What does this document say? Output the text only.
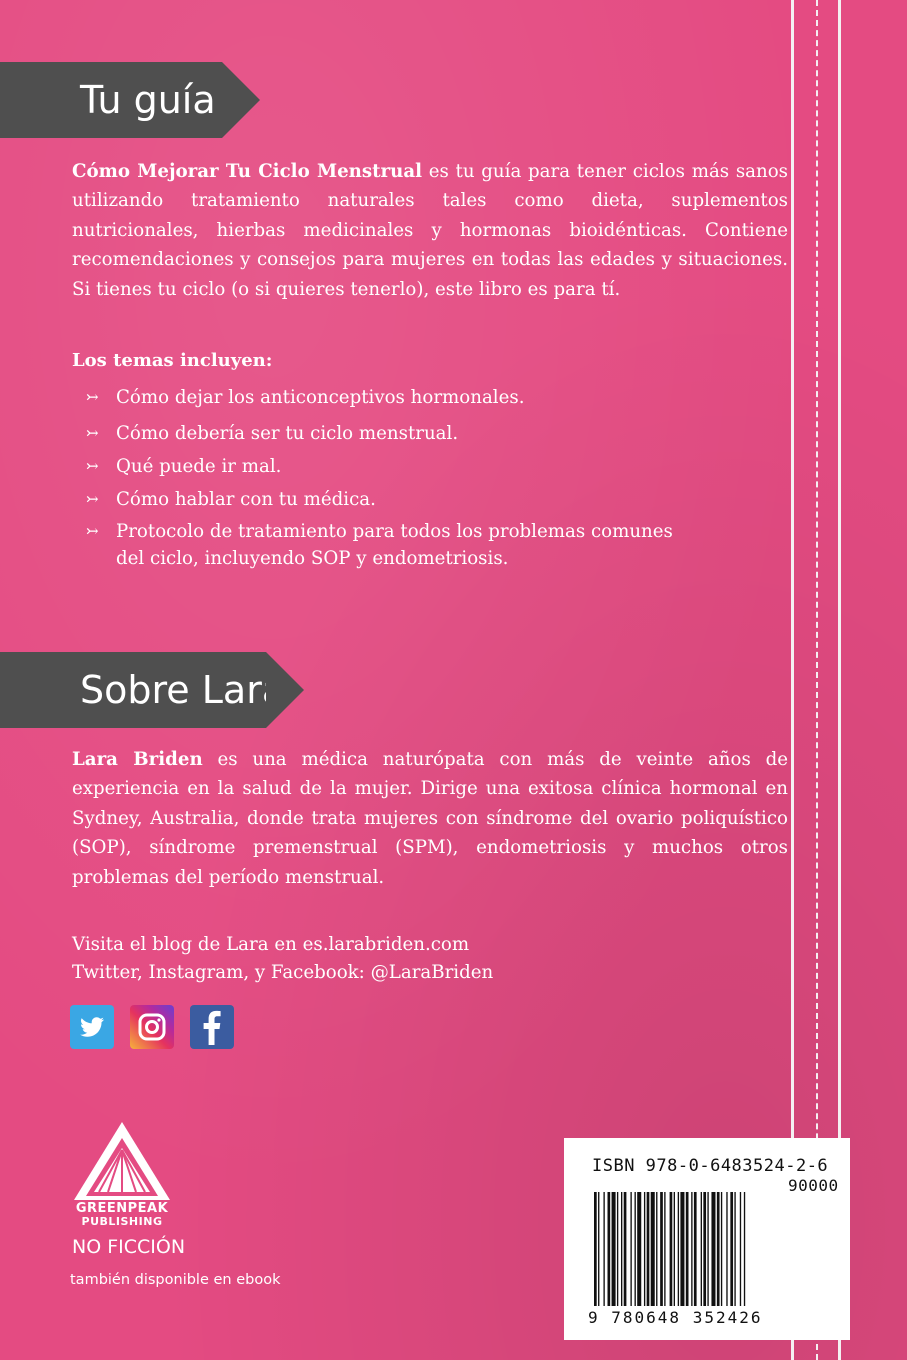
Tu guía

Cómo Mejorar Tu Ciclo Menstrual es tu guía para tener ciclos más sanos utilizando tratamiento naturales tales como dieta, suplementos nutricionales, hierbas medicinales y hormonas bioidénticas. Contiene recomendaciones y consejos para mujeres en todas las edades y situaciones. Si tienes tu ciclo (o si quieres tenerlo), este libro es para tí.

Los temas incluyen:
↣ Cómo dejar los anticonceptivos hormonales.
↣ Cómo debería ser tu ciclo menstrual.
↣ Qué puede ir mal.
↣ Cómo hablar con tu médica.
↣ Protocolo de tratamiento para todos los problemas comunes del ciclo, incluyendo SOP y endometriosis.
Sobre Lara

Lara Briden es una médica naturópata con más de veinte años de experiencia en la salud de la mujer. Dirige una exitosa clínica hormonal en Sydney, Australia, donde trata mujeres con síndrome del ovario poliquístico (SOP), síndrome premenstrual (SPM), endometriosis y muchos otros problemas del período menstrual.

Visita el blog de Lara en es.larabriden.com
Twitter, Instagram, y Facebook: @LaraBriden
GREENPEAK
PUBLISHING
NO FICCIÓN
también disponible en ebook
ISBN 978-0-6483524-2-6
90000
9 780648 352426
